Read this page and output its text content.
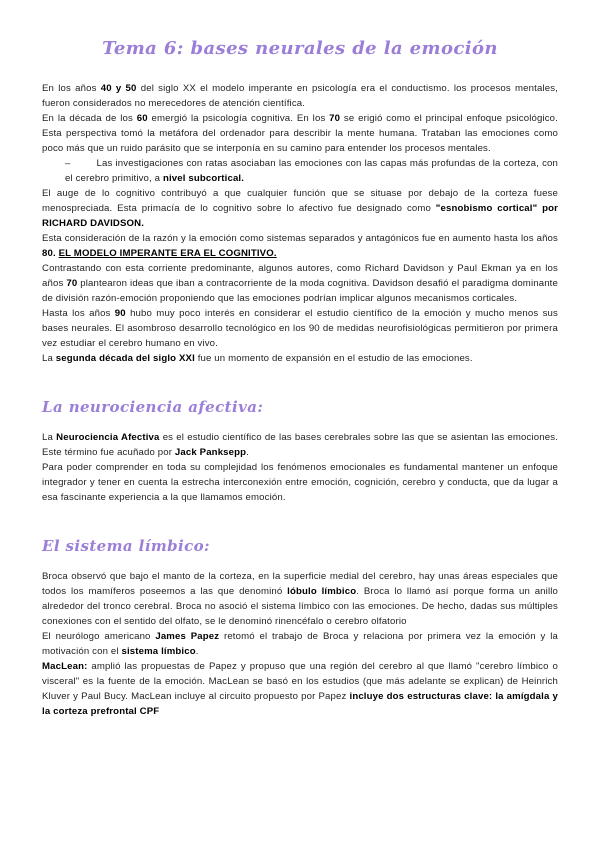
Tema 6: bases neurales de la emoción

En los años 40 y 50 del siglo XX el modelo imperante en psicología era el conductismo. los procesos mentales, fueron considerados no merecedores de atención científica.

En la década de los 60 emergió la psicología cognitiva. En los 70 se erigió como el principal enfoque psicológico. Esta perspectiva tomó la metáfora del ordenador para describir la mente humana. Trataban las emociones como poco más que un ruido parásito que se interponía en su camino para entender los procesos mentales.

–	Las investigaciones con ratas asociaban las emociones con las capas más profundas de la corteza, con el cerebro primitivo, a nivel subcortical.

El auge de lo cognitivo contribuyó a que cualquier función que se situase por debajo de la corteza fuese menospreciada. Esta primacía de lo cognitivo sobre lo afectivo fue designado como "esnobismo cortical" por RICHARD DAVIDSON.

Esta consideración de la razón y la emoción como sistemas separados y antagónicos fue en aumento hasta los años 80. EL MODELO IMPERANTE ERA EL COGNITIVO.

Contrastando con esta corriente predominante, algunos autores, como Richard Davidson y Paul Ekman ya en los años 70 plantearon ideas que iban a contracorriente de la moda cognitiva. Davidson desafió el paradigma dominante de división razón-emoción proponiendo que las emociones podrían implicar algunos mecanismos corticales.

Hasta los años 90 hubo muy poco interés en considerar el estudio científico de la emoción y mucho menos sus bases neurales. El asombroso desarrollo tecnológico en los 90 de medidas neurofisiológicas permitieron por primera vez estudiar el cerebro humano en vivo.

La segunda década del siglo XXI fue un momento de expansión en el estudio de las emociones.

La neurociencia afectiva:

La Neurociencia Afectiva es el estudio científico de las bases cerebrales sobre las que se asientan las emociones. Este término fue acuñado por Jack Panksepp.

Para poder comprender en toda su complejidad los fenómenos emocionales es fundamental mantener un enfoque integrador y tener en cuenta la estrecha interconexión entre emoción, cognición, cerebro y conducta, que da lugar a esa fascinante experiencia a la que llamamos emoción.

El sistema límbico:

Broca observó que bajo el manto de la corteza, en la superficie medial del cerebro, hay unas áreas especiales que todos los mamíferos poseemos a las que denominó lóbulo límbico. Broca lo llamó así porque forma un anillo alrededor del tronco cerebral. Broca no asoció el sistema límbico con las emociones. De hecho, dadas sus múltiples conexiones con el sentido del olfato, se le denominó rinencéfalo o cerebro olfatorio

El neurólogo americano James Papez retomó el trabajo de Broca y relaciona por primera vez la emoción y la motivación con el sistema límbico.

MacLean: amplió las propuestas de Papez y propuso que una región del cerebro al que llamó "cerebro límbico o visceral" es la fuente de la emoción. MacLean se basó en los estudios (que más adelante se explican) de Heinrich Kluver y Paul Bucy. MacLean incluye al circuito propuesto por Papez incluye dos estructuras clave: la amígdala y la corteza prefrontal CPF
